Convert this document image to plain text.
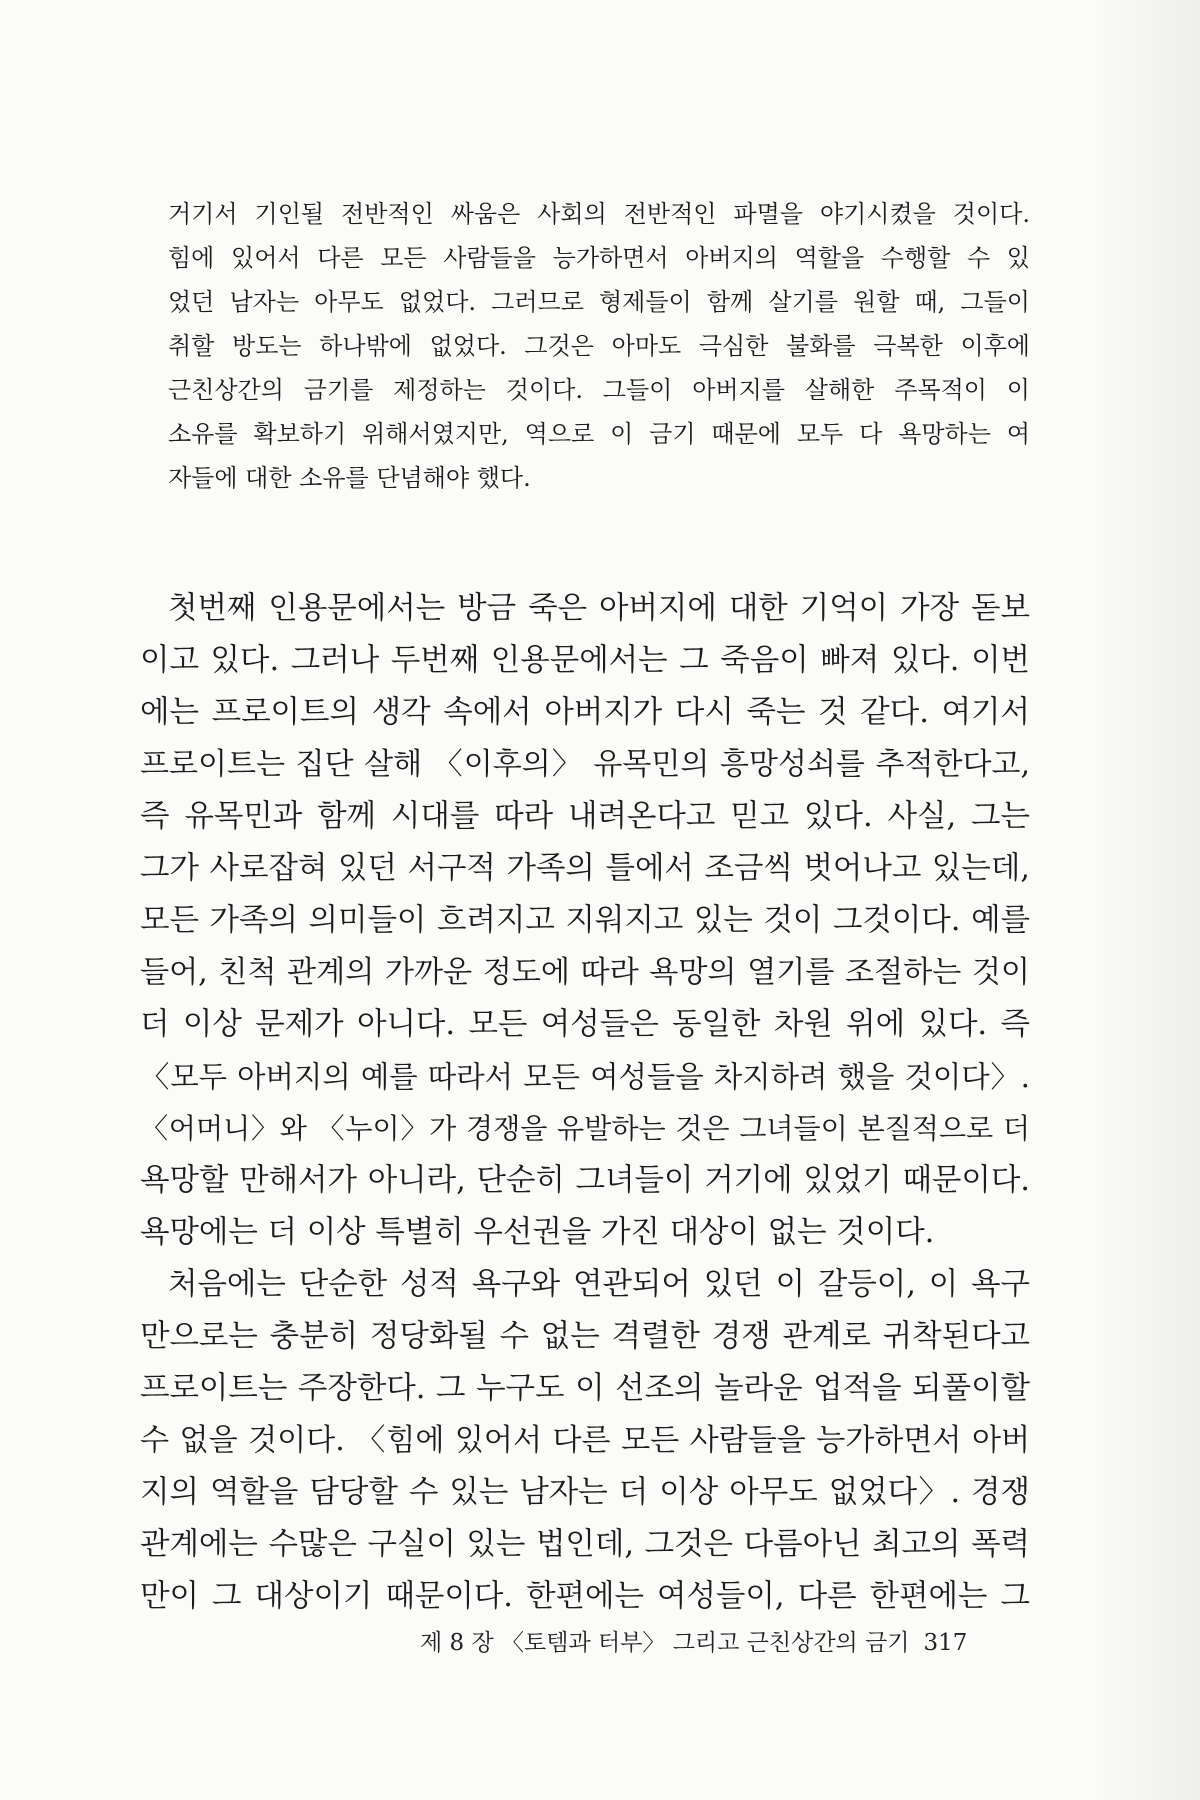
거기서 기인될 전반적인 싸움은 사회의 전반적인 파멸을 야기시켰을 것이다.
힘에 있어서 다른 모든 사람들을 능가하면서 아버지의 역할을 수행할 수 있
었던 남자는 아무도 없었다. 그러므로 형제들이 함께 살기를 원할 때, 그들이
취할 방도는 하나밖에 없었다. 그것은 아마도 극심한 불화를 극복한 이후에
근친상간의 금기를 제정하는 것이다. 그들이 아버지를 살해한 주목적이 이
소유를 확보하기 위해서였지만, 역으로 이 금기 때문에 모두 다 욕망하는 여
자들에 대한 소유를 단념해야 했다.
첫번째 인용문에서는 방금 죽은 아버지에 대한 기억이 가장 돋보
이고 있다. 그러나 두번째 인용문에서는 그 죽음이 빠져 있다. 이번
에는 프로이트의 생각 속에서 아버지가 다시 죽는 것 같다. 여기서
프로이트는 집단 살해 〈이후의〉 유목민의 흥망성쇠를 추적한다고,
즉 유목민과 함께 시대를 따라 내려온다고 믿고 있다. 사실, 그는
그가 사로잡혀 있던 서구적 가족의 틀에서 조금씩 벗어나고 있는데,
모든 가족의 의미들이 흐려지고 지워지고 있는 것이 그것이다. 예를
들어, 친척 관계의 가까운 정도에 따라 욕망의 열기를 조절하는 것이
더 이상 문제가 아니다. 모든 여성들은 동일한 차원 위에 있다. 즉
〈모두 아버지의 예를 따라서 모든 여성들을 차지하려 했을 것이다〉.
〈어머니〉와 〈누이〉가 경쟁을 유발하는 것은 그녀들이 본질적으로 더
욕망할 만해서가 아니라, 단순히 그녀들이 거기에 있었기 때문이다.
욕망에는 더 이상 특별히 우선권을 가진 대상이 없는 것이다.
처음에는 단순한 성적 욕구와 연관되어 있던 이 갈등이, 이 욕구
만으로는 충분히 정당화될 수 없는 격렬한 경쟁 관계로 귀착된다고
프로이트는 주장한다. 그 누구도 이 선조의 놀라운 업적을 되풀이할
수 없을 것이다. 〈힘에 있어서 다른 모든 사람들을 능가하면서 아버
지의 역할을 담당할 수 있는 남자는 더 이상 아무도 없었다〉. 경쟁
관계에는 수많은 구실이 있는 법인데, 그것은 다름아닌 최고의 폭력
만이 그 대상이기 때문이다. 한편에는 여성들이, 다른 한편에는 그
제 8 장 〈토템과 터부〉 그리고 근친상간의 금기 317
